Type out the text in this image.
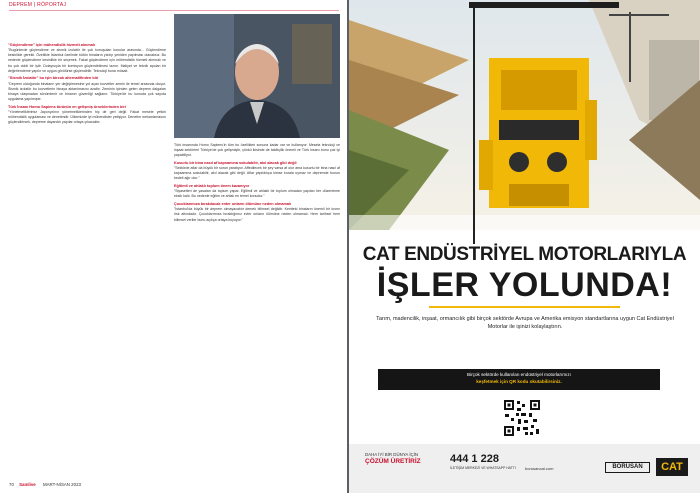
DEPREM | RÖPORTAJ
"Güçlendirme" için mühendislik hizmeti alınmalı

"Bugünlerde güçlendirme ve sismik izolatör ile çok konuşulan konular arasında... Güçlendirme kesinlikle gerekli. Özellikle İstanbul özelinde bütün binaların yıkılıp yeniden yapılması olanaksız. Bu nedenle güçlendirme kesinlikle bir seçenek. Fakat güçlendirme için mühendislik hizmeti alınmalı ve bu çok ciddi bir iştir. Dolayısıyla bir komisyon güçlendirilmesi lazım. Maliyet ve teknik açıdan bir değerlendirme yapılır ve uygun görülürse güçlendirilir. Teknoloji buna müsait.

"Sismik İzolatör" bu işin bircok alternatifinden biri

"Deprem olduğunda binaların yer değiştirmesine yol açan kuvvetler zemin ile temel arasında oluşur. Sismik izolatör bu kuvvetlerin binaya aktarılmasını azaltır. Zeminin içinden gelen deprem dalgaları binaya ulaşmadan sönümlenir ve binanın güvenliği sağlanır. Türkiye'de bu konuda çok sayıda uygulama yapılmıştır.

Türk İnsanı Homo Sapiens türünün en gelişmiş örneklerinden biri

"Yönetmeliklerimiz Japonya'nın yönetmeliklerinden hiç de geri değil. Fakat mesele yetkin mühendislik uygulaması ve denetimdir. Ülkemizde iyi mühendisler yetişiyor. Denetim mekanizmasını güçlendirirsek, depreme dayanıklı yapılar ortaya çıkacaktır.

Türk insanında Homo Sapiens'in tüm bu özellikleri sonuna kadar var ve kullanıyor. Mesela teknoloji ve inşaat sektörleri Türkiye'de çok gelişmiştir, çünkü ikisinde de taklitçilik önemli ve Türk insanı bunu çok iyi yapabiliyor.

Kusurlu bir bina nasıl af kapsamına sokulabilir, akıl alacak gibi değil

"Sektörde aflar da büyük bir sorun yaratıyor. Affedilecek bir şey varsa af olur ama kusurlu bir bina nasıl af kapsamına sokulabilir, akıl alacak gibi değil. Aflar yapıldıkça kimse kurala uymaz ve depremde bunun bedeli ağır olur."

Eğitimli ve ahlaklı toplum önem kazanıyor

"Siyasetleri de yasaları da toplum yapar. Eğitimli ve ahlaklı bir toplum olmadan yapılan her düzenleme eksik kalır. Bu nedenle eğitim ve ahlak en temel konudur."

Çocuklarımıza bırakılacak enter onların ölümüne neden olmamalı

"İstanbul'da büyük bir deprem olmayacaktır demek bilimsel değildir. Kentteki binaların önemli bir kısmı risk altındadır. Çocuklarımıza bıraktığımız evler onların ölümüne neden olmamalı. Hem tarihsel hem bilimsel veriler bunu açıkça ortaya koyuyor."

70 Samlive MART-NİSAN 2023
CAT ENDÜSTRİYEL MOTORLARIYLA
İŞLER YOLUNDA!
Tarım, madencilik, inşaat, ormancılık gibi birçok sektörde Avrupa ve Amerika emisyon standartlarına uygun Cat Endüstriyel Motorlar ile işinizi kolaylaştırın.
Birçok sektörde kullanılan endüstriyel motorlarımızı
keşfetmek için QR kodu okutabilirsiniz.
DAHA İYİ BİR DÜNYA İÇİN
ÇÖZÜM ÜRETİRİZ	444 1 228
İLETİŞİM MERKEZİ VE WHATSAPP HATTI borusancat.com	BORUSAN	CAT
